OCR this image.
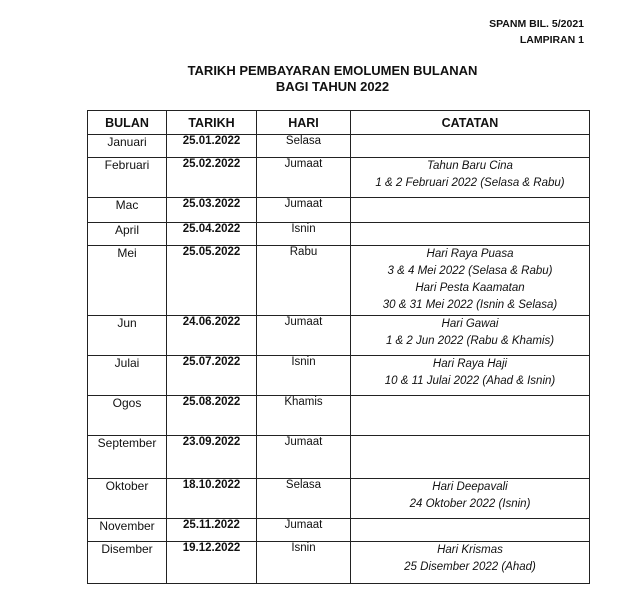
SPANM BIL. 5/2021
LAMPIRAN 1
TARIKH PEMBAYARAN EMOLUMEN BULANAN
BAGI TAHUN 2022
BULAN	TARIKH	HARI	CATATAN
Januari	25.01.2022	Selasa	
Februari	25.02.2022	Jumaat	Tahun Baru Cina
1 & 2 Februari 2022 (Selasa & Rabu)

Mac	25.03.2022	Jumaat	
April	25.04.2022	Isnin	
Mei	25.05.2022	Rabu	Hari Raya Puasa
3 & 4 Mei 2022 (Selasa & Rabu)
Hari Pesta Kaamatan
30 & 31 Mei 2022 (Isnin & Selasa)

Jun	24.06.2022	Jumaat	Hari Gawai
1 & 2 Jun 2022 (Rabu & Khamis)

Julai	25.07.2022	Isnin	Hari Raya Haji
10 & 11 Julai 2022 (Ahad & Isnin)

Ogos	25.08.2022	Khamis	
September	23.09.2022	Jumaat	
Oktober	18.10.2022	Selasa	Hari Deepavali
24 Oktober 2022 (Isnin)

November	25.11.2022	Jumaat	
Disember	19.12.2022	Isnin	Hari Krismas
25 Disember 2022 (Ahad)
